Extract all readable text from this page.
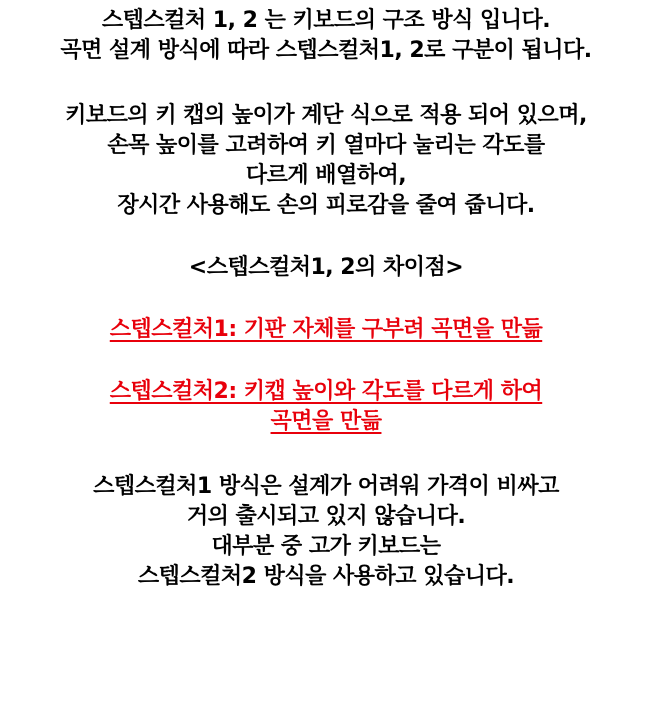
스텝스컬처 1, 2 는 키보드의 구조 방식 입니다.
곡면 설계 방식에 따라 스텝스컬처1, 2로 구분이 됩니다.
키보드의 키 캡의 높이가 계단 식으로 적용 되어 있으며,
손목 높이를 고려하여 키 열마다 눌리는 각도를
다르게 배열하여,
장시간 사용해도 손의 피로감을 줄여 줍니다.
<스텝스컬처1, 2의 차이점>
스텝스컬처1: 기판 자체를 구부려 곡면을 만듦
스텝스컬처2: 키캡 높이와 각도를 다르게 하여
곡면을 만듦
스텝스컬처1 방식은 설계가 어려워 가격이 비싸고
거의 출시되고 있지 않습니다.
대부분 중 고가 키보드는
스텝스컬처2 방식을 사용하고 있습니다.
